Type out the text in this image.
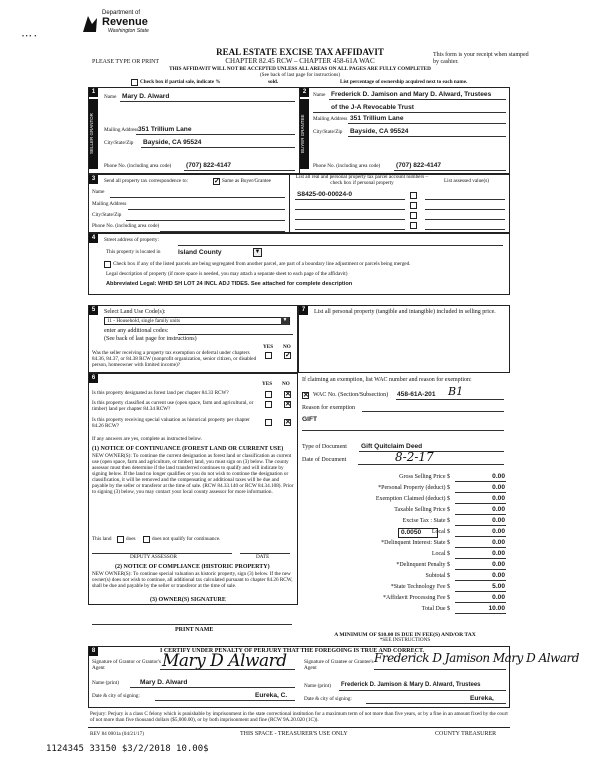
Department of
Revenue
Washington State
• • •  •
REAL ESTATE EXCISE TAX AFFIDAVIT
CHAPTER 82.45 RCW – CHAPTER 458-61A WAC
PLEASE TYPE OR PRINT
This form is your receipt when stamped by cashier.
THIS AFFIDAVIT WILL NOT BE ACCEPTED UNLESS ALL AREAS ON ALL PAGES ARE FULLY COMPLETED
(See back of last page for instructions)
Check box if partial sale, indicate %	sold.	List percentage of ownership acquired next to each name.
1
SELLER GRANTOR
2
BUYER GRANTEE
Name Mary D. Alward
Mailing Address 351 Trillium Lane
City/State/Zip Bayside, CA 95524
Phone No. (including area code) (707) 822-4147
Name Frederick D. Jamison and Mary D. Alward, Trustees
of the J-A Revocable Trust
Mailing Address 351 Trillium Lane
City/State/Zip Bayside, CA 95524
Phone No. (including area code) (707) 822-4147
3	Send all property tax correspondence to: ✓	Same as Buyer/Grantee
Name
Mailing Address
City/State/Zip
Phone No. (including area code)
List all real and personal property tax parcel account numbers – check box if personal property	List assessed value(s)
S8425-00-00024-0
4	Street address of property:
This property is located in	Island County	▼
Check box if any of the listed parcels are being segregated from another parcel, are part of a boundary line adjustment or parcels being merged.
Legal description of property (if more space is needed, you may attach a separate sheet to each page of the affidavit)
Abbreviated Legal: WHID SH LOT 24 INCL ADJ TIDES. See attached for complete description
5	Select Land Use Code(s):
11 - Household, single family units	▼
enter any additional codes:
(See back of last page for instructions)
YES NO
Was the seller receiving a property tax exemption or deferral under chapters 84.36, 84.37, or 84.38 RCW (nonprofit organization, senior citizen, or disabled person, homeowner with limited income)?
✓
7	List all personal property (tangible and intangible) included in selling price.
6
YES NO
Is this property designated as forest land per chapter 84.33 RCW?
✕
Is this property classified as current use (open space, farm and agricultural, or timber) land per chapter 84.34 RCW?
✕
Is this property receiving special valuation as historical property per chapter 84.26 RCW?
✕
If any answers are yes, complete as instructed below.
(1) NOTICE OF CONTINUANCE (FOREST LAND OR CURRENT USE)
NEW OWNER(S): To continue the current designation as forest land or classification as current use (open space, farm and agriculture, or timber) land, you must sign on (3) below. The county assessor must then determine if the land transferred continues to qualify and will indicate by signing below. If the land no longer qualifies or you do not wish to continue the designation or classification, it will be removed and the compensating or additional taxes will be due and payable by the seller or transferor at the time of sale. (RCW 84.33.140 or RCW 84.34.108). Prior to signing (3) below, you may contact your local county assessor for more information.
This land	does	does not qualify for continuance.
DEPUTY ASSESSOR	DATE
(2) NOTICE OF COMPLIANCE (HISTORIC PROPERTY)
NEW OWNER(S): To continue special valuation as historic property, sign (3) below. If the new owner(s) does not wish to continue, all additional tax calculated pursuant to chapter 84.26 RCW, shall be due and payable by the seller or transferor at the time of sale.
(3) OWNER(S) SIGNATURE
PRINT NAME
If claiming an exemption, list WAC number and reason for exemption:
✕
WAC No. (Section/Subsection) 458-61A-201 B1
Reason for exemption
GIFT
Type of Document Gift Quitclaim Deed
Date of Document	8-2-17
Gross Selling Price $	0.00
*Personal Property (deduct) $	0.00
Exemption Claimed (deduct) $	0.00
Taxable Selling Price $	0.00
Excise Tax : State $	0.00
Local $	0.00
*Delinquent Interest: State $	0.00
Local $	0.00
*Delinquent Penalty $	0.00
Subtotal $	0.00
*State Technology Fee $	5.00
*Affidavit Processing Fee $	0.00
Total Due $	10.00
0.0050
A MINIMUM OF $10.00 IS DUE IN FEE(S) AND/OR TAX
*SEE INSTRUCTIONS
8	I CERTIFY UNDER PENALTY OF PERJURY THAT THE FOREGOING IS TRUE AND CORRECT.
Signature of Grantor or Grantor's Agent	Mary D Alward
Name (print)	Mary D. Alward
Date & city of signing:	Eureka, C.
Signature of Grantee or Grantee's Agent
Frederick D Jamison Mary D Alward
Name (print) Frederick D. Jamison & Mary D. Alward, Trustees
Date & city of signing:	Eureka,
Perjury: Perjury is a class C felony which is punishable by imprisonment in the state correctional institution for a maximum term of not more than five years, or by a fine in an amount fixed by the court of not more than five thousand dollars ($5,000.00), or by both imprisonment and fine (RCW 9A.20.020 (1C)).
REV 84 0001a (04/21/17)	THIS SPACE - TREASURER'S USE ONLY	COUNTY TREASURER
1124345 33150 $3/2/2018 10.00$
